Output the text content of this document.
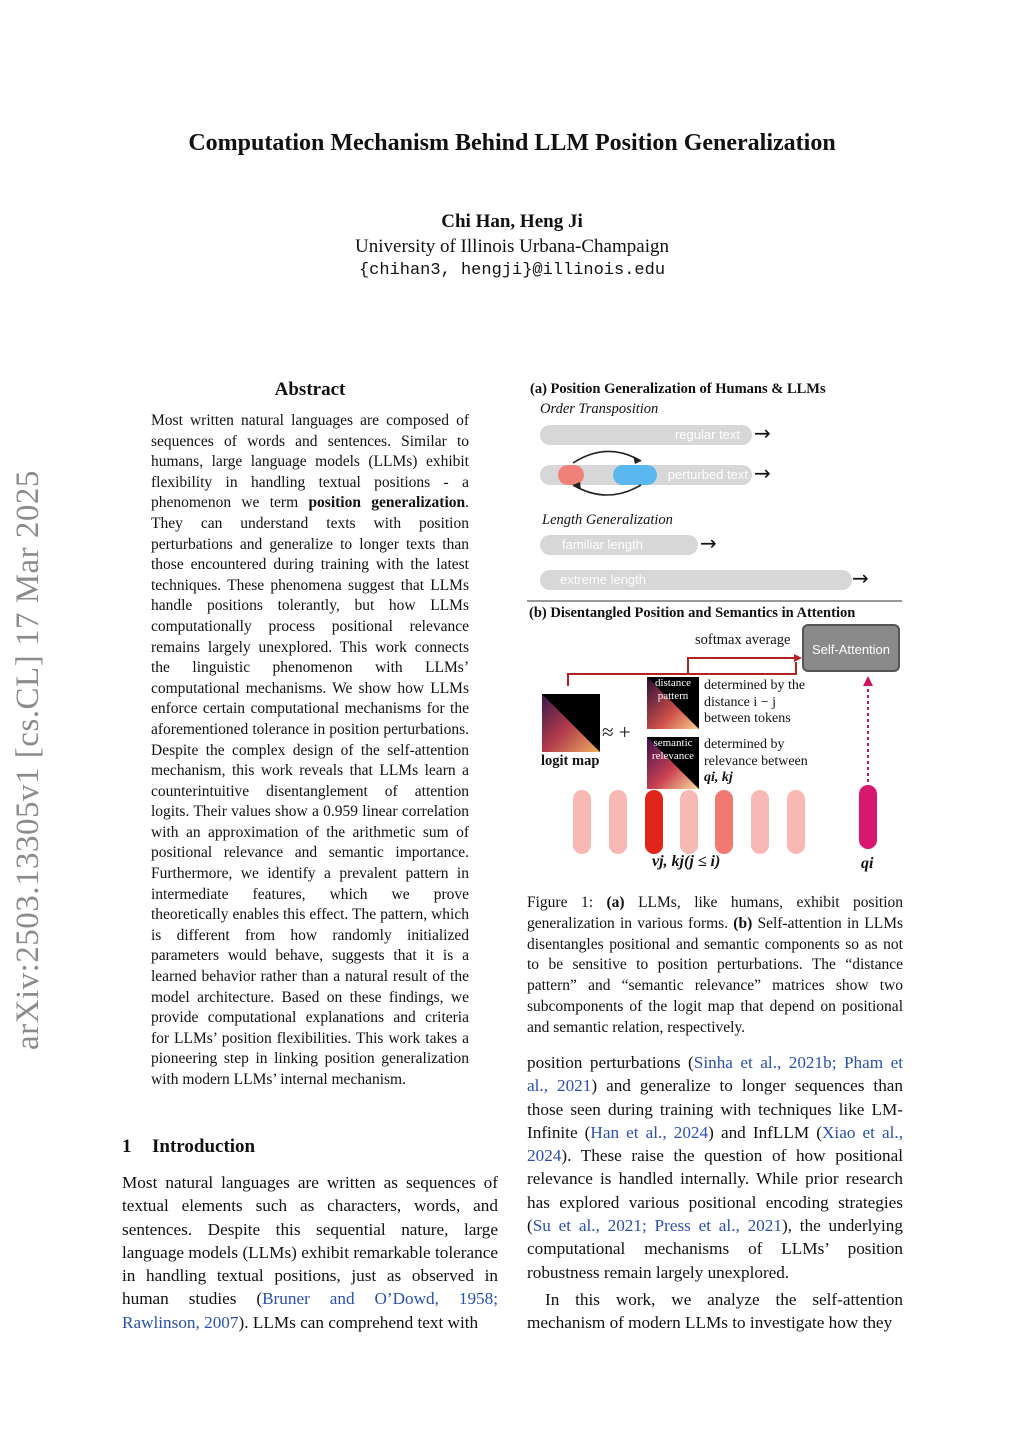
Computation Mechanism Behind LLM Position Generalization
Chi Han, Heng Ji
University of Illinois Urbana-Champaign
{chihan3, hengji}@illinois.edu
arXiv:2503.13305v1 [cs.CL] 17 Mar 2025
Abstract
Most written natural languages are composed of sequences of words and sentences. Similar to humans, large language models (LLMs) exhibit flexibility in handling textual positions - a phenomenon we term position generalization. They can understand texts with position perturbations and generalize to longer texts than those encountered during training with the latest techniques. These phenomena suggest that LLMs handle positions tolerantly, but how LLMs computationally process positional relevance remains largely unexplored. This work connects the linguistic phenomenon with LLMs’ computational mechanisms. We show how LLMs enforce certain computational mechanisms for the aforementioned tolerance in position perturbations. Despite the complex design of the self-attention mechanism, this work reveals that LLMs learn a counterintuitive disentanglement of attention logits. Their values show a 0.959 linear correlation with an approximation of the arithmetic sum of positional relevance and semantic importance. Furthermore, we identify a prevalent pattern in intermediate features, which we prove theoretically enables this effect. The pattern, which is different from how randomly initialized parameters would behave, suggests that it is a learned behavior rather than a natural result of the model architecture. Based on these findings, we provide computational explanations and criteria for LLMs’ position flexibilities. This work takes a pioneering step in linking position generalization with modern LLMs’ internal mechanism.
1 Introduction
Most natural languages are written as sequences of textual elements such as characters, words, and sentences. Despite this sequential nature, large language models (LLMs) exhibit remarkable tolerance in handling textual positions, just as observed in human studies (Bruner and O’Dowd, 1958; Rawlinson, 2007). LLMs can comprehend text with

position perturbations (Sinha et al., 2021b; Pham et al., 2021) and generalize to longer sequences than those seen during training with techniques like LM-Infinite (Han et al., 2024) and InfLLM (Xiao et al., 2024). These raise the question of how positional relevance is handled internally. While prior research has explored various positional encoding strategies (Su et al., 2021; Press et al., 2021), the underlying computational mechanisms of LLMs’ position robustness remain largely unexplored.

In this work, we analyze the self-attention mechanism of modern LLMs to investigate how they

(a) Position Generalization of Humans & LLMs
Order Transposition
regular text →
perturbed text →
Length Generalization
familiar length	→
extreme length	→
(b) Disentangled Position and Semantics in Attention
softmax average
Self-Attention
logit map
≈ +
distance pattern
determined by the distance i − j between tokens
semantic relevance
determined by relevance between
qi, kj
vj, kj(j ≤ i)	qi
Figure 1: (a) LLMs, like humans, exhibit position generalization in various forms. (b) Self-attention in LLMs disentangles positional and semantic components so as not to be sensitive to position perturbations. The “distance pattern” and “semantic relevance” matrices show two subcomponents of the logit map that depend on positional and semantic relation, respectively.
